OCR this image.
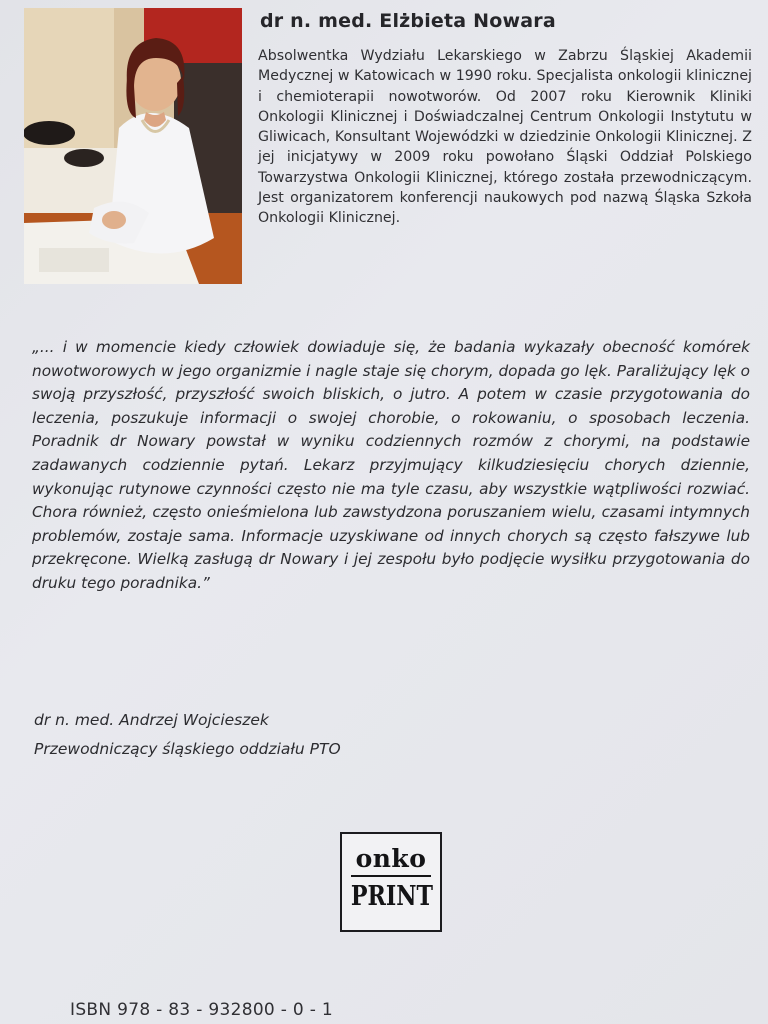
dr n. med. Elżbieta Nowara
Absolwentka Wydziału Lekarskiego w Zabrzu Śląskiej Akademii Medycznej w Katowicach w 1990 roku. Specjalista onkologii klinicznej i chemioterapii nowotworów. Od 2007 roku Kierownik Kliniki Onkologii Klinicznej i Doświadczalnej Centrum Onkologii Instytutu w Gliwicach, Konsultant Wojewódzki w dziedzinie Onkologii Klinicznej. Z jej inicjatywy w 2009 roku powołano Śląski Oddział Polskiego Towarzystwa Onkologii Klinicznej, którego została przewodniczącym. Jest organizatorem konferencji naukowych pod nazwą Śląska Szkoła Onkologii Klinicznej.
„... i w momencie kiedy człowiek dowiaduje się, że badania wykazały obecność komórek nowotworowych w jego organizmie i nagle staje się chorym, dopada go lęk. Paraliżujący lęk o swoją przyszłość, przyszłość swoich bliskich, o jutro. A potem w czasie przygotowania do leczenia, poszukuje informacji o swojej chorobie, o rokowaniu, o sposobach leczenia. Poradnik dr Nowary powstał w wyniku codziennych rozmów z chorymi, na podstawie zadawanych codziennie pytań. Lekarz przyjmujący kilkudziesięciu chorych dziennie, wykonując rutynowe czynności często nie ma tyle czasu, aby wszystkie wątpliwości rozwiać. Chora również, często onieśmielona lub zawstydzona poruszaniem wielu, czasami intymnych problemów, zostaje sama. Informacje uzyskiwane od innych chorych są często fałszywe lub przekręcone. Wielką zasługą dr Nowary i jej zespołu było podjęcie wysiłku przygotowania do druku tego poradnika.”
dr n. med. Andrzej Wojcieszek
Przewodniczący śląskiego oddziału PTO
onko
PRINT
ISBN 978 - 83 - 932800 - 0 - 1
